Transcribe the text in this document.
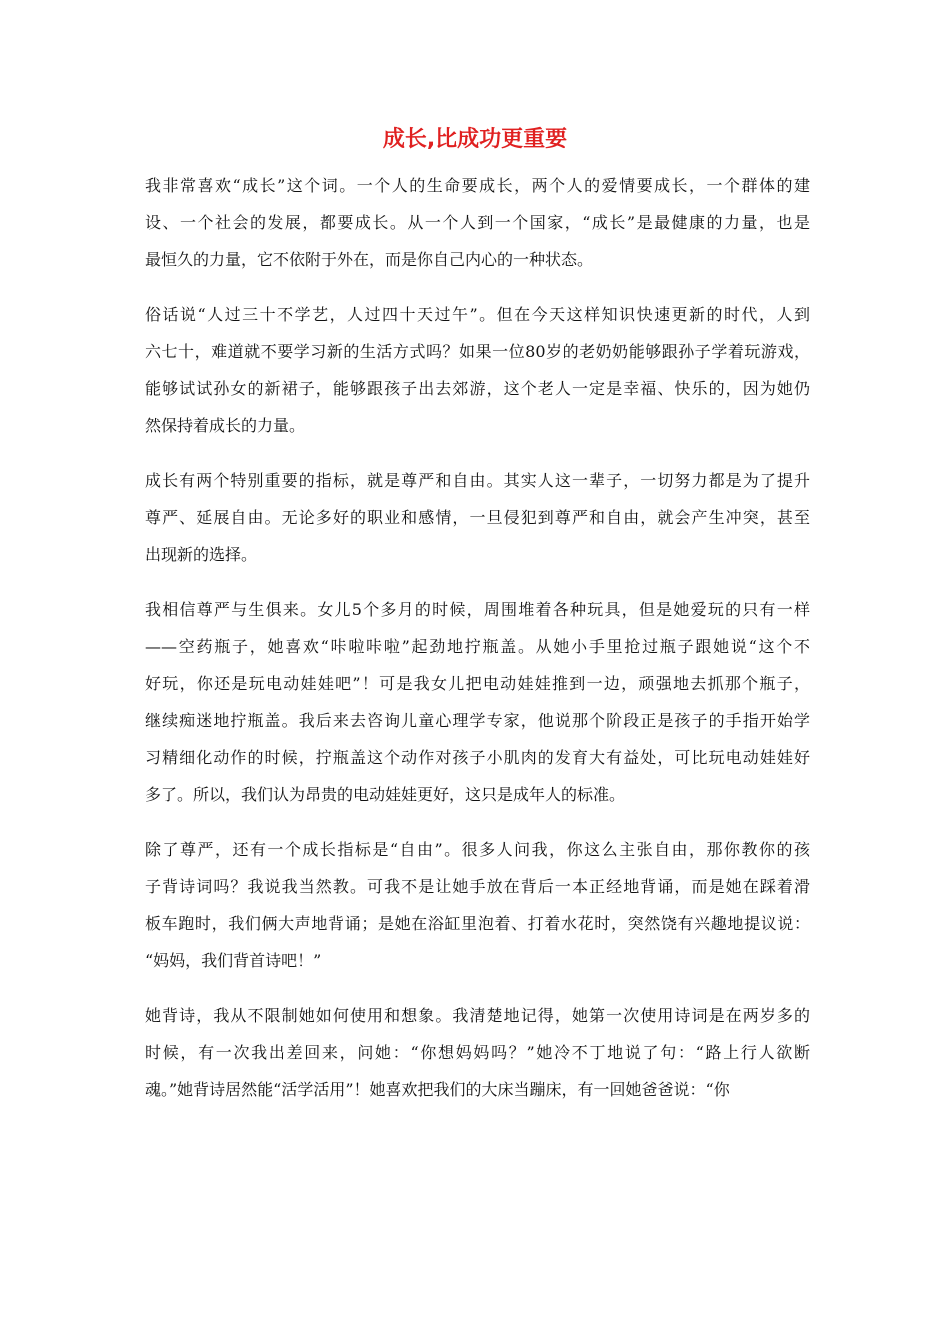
成长,比成功更重要
我非常喜欢“成长”这个词。一个人的生命要成长，两个人的爱情要成长，一个群体的建
设、一个社会的发展，都要成长。从一个人到一个国家，“成长”是最健康的力量，也是
最恒久的力量，它不依附于外在，而是你自己内心的一种状态。
俗话说“人过三十不学艺，人过四十天过午”。但在今天这样知识快速更新的时代，人到
六七十，难道就不要学习新的生活方式吗？如果一位80岁的老奶奶能够跟孙子学着玩游戏，
能够试试孙女的新裙子，能够跟孩子出去郊游，这个老人一定是幸福、快乐的，因为她仍
然保持着成长的力量。
成长有两个特别重要的指标，就是尊严和自由。其实人这一辈子，一切努力都是为了提升
尊严、延展自由。无论多好的职业和感情，一旦侵犯到尊严和自由，就会产生冲突，甚至
出现新的选择。
我相信尊严与生俱来。女儿5个多月的时候，周围堆着各种玩具，但是她爱玩的只有一样
——空药瓶子，她喜欢“咔啦咔啦”起劲地拧瓶盖。从她小手里抢过瓶子跟她说“这个不
好玩，你还是玩电动娃娃吧”！可是我女儿把电动娃娃推到一边，顽强地去抓那个瓶子，
继续痴迷地拧瓶盖。我后来去咨询儿童心理学专家，他说那个阶段正是孩子的手指开始学
习精细化动作的时候，拧瓶盖这个动作对孩子小肌肉的发育大有益处，可比玩电动娃娃好
多了。所以，我们认为昂贵的电动娃娃更好，这只是成年人的标准。
除了尊严，还有一个成长指标是“自由”。很多人问我，你这么主张自由，那你教你的孩
子背诗词吗？我说我当然教。可我不是让她手放在背后一本正经地背诵，而是她在踩着滑
板车跑时，我们俩大声地背诵；是她在浴缸里泡着、打着水花时，突然饶有兴趣地提议说：
“妈妈，我们背首诗吧！”
她背诗，我从不限制她如何使用和想象。我清楚地记得，她第一次使用诗词是在两岁多的
时候，有一次我出差回来，问她：“你想妈妈吗？”她冷不丁地说了句：“路上行人欲断
魂。”她背诗居然能“活学活用”！她喜欢把我们的大床当蹦床，有一回她爸爸说：“你
